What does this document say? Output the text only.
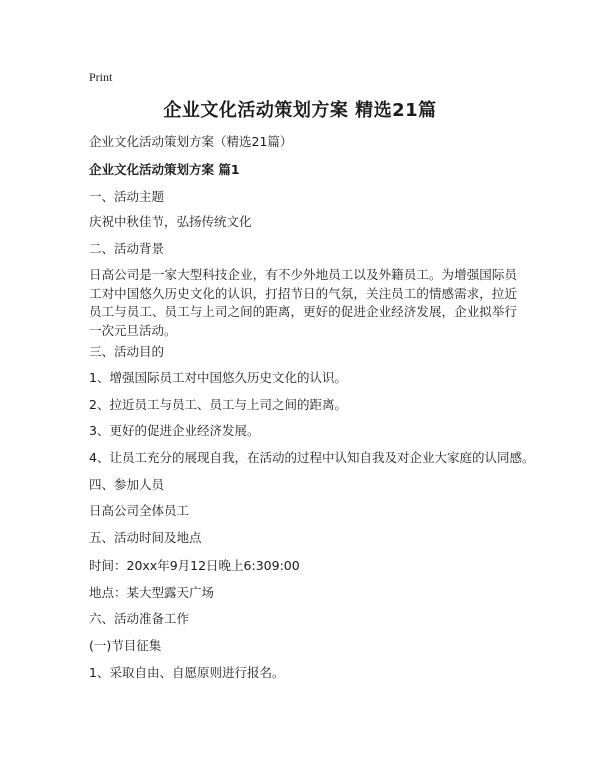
Print
企业文化活动策划方案 精选21篇
企业文化活动策划方案（精选21篇）
企业文化活动策划方案 篇1
一、活动主题
庆祝中秋佳节，弘扬传统文化
二、活动背景
日高公司是一家大型科技企业，有不少外地员工以及外籍员工。为增强国际员工对中国悠久历史文化的认识，打招节日的气氛，关注员工的情感需求，拉近员工与员工、员工与上司之间的距离，更好的促进企业经济发展，企业拟举行一次元旦活动。
三、活动目的
1、增强国际员工对中国悠久历史文化的认识。
2、拉近员工与员工、员工与上司之间的距离。
3、更好的促进企业经济发展。
4、让员工充分的展现自我，在活动的过程中认知自我及对企业大家庭的认同感。
四、参加人员
日高公司全体员工
五、活动时间及地点
时间：20xx年9月12日晚上6:309:00
地点：某大型露天广场
六、活动准备工作
(一)节目征集
1、采取自由、自愿原则进行报名。
